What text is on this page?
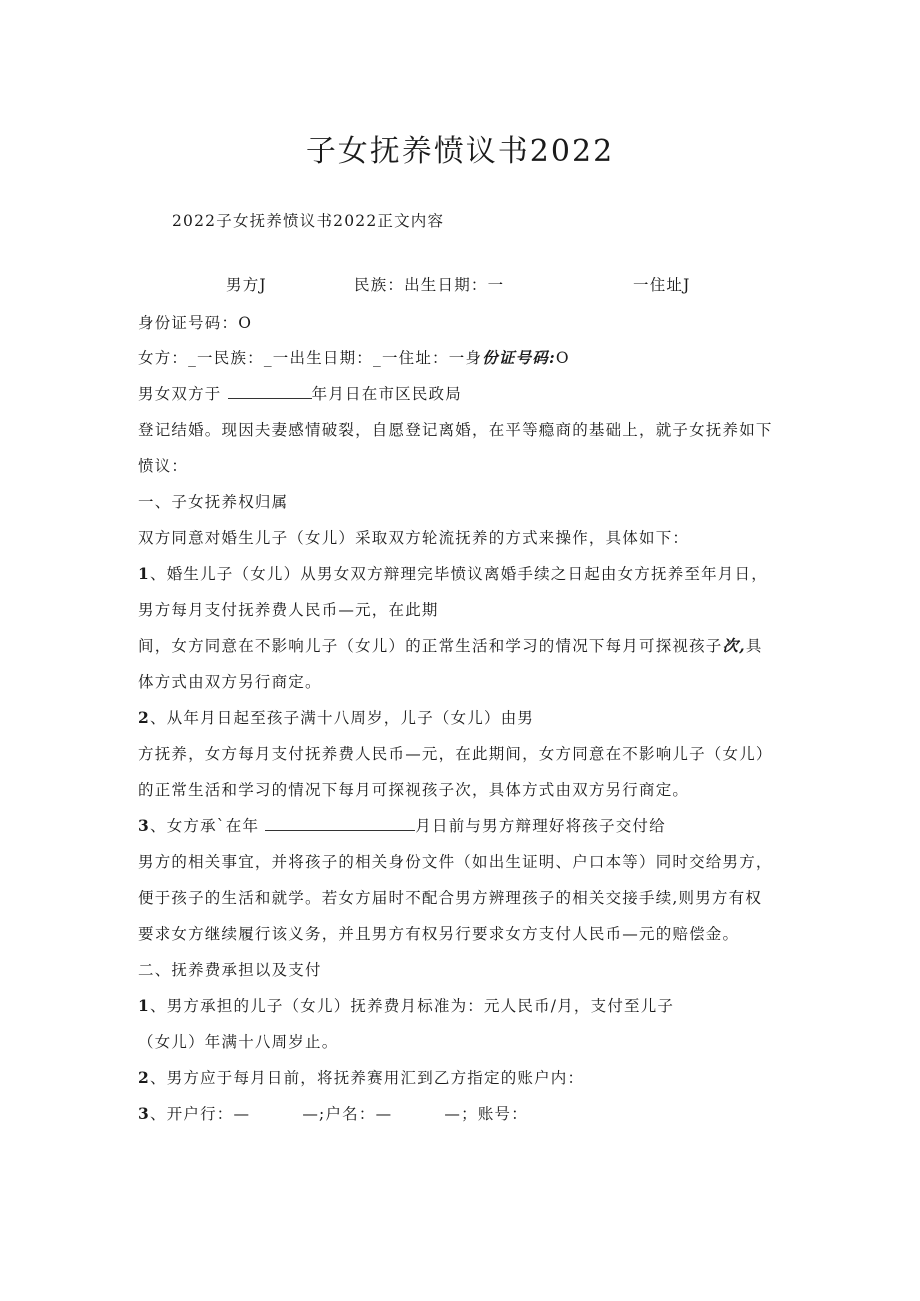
子女抚养愤议书2022
2022子女抚养愤议书2022正文内容
男方J	民族：出生日期：一	一住址J
身份证号码：O
女方：_一民族：_一出生日期：_一住址：一身份证号码:O
男女双方于	年月日在市区民政局
登记结婚。现因夫妻感情破裂，自愿登记离婚，在平等瘾商的基础上，就子女抚养如下
愤议：
一、子女抚养权归属
双方同意对婚生儿子（女儿）采取双方轮流抚养的方式来操作，具体如下：
1、婚生儿子（女儿）从男女双方辩理完毕愤议离婚手续之日起由女方抚养至年月日，
男方每月支付抚养费人民币—元，在此期
间，女方同意在不影响儿子（女儿）的正常生活和学习的情况下每月可探视孩子次,具
体方式由双方另行商定。
2、从年月日起至孩子满十八周岁，儿子（女儿）由男
方抚养，女方每月支付抚养费人民币—元，在此期间，女方同意在不影响儿子（女儿）
的正常生活和学习的情况下每月可探视孩子次，具体方式由双方另行商定。
3、女方承`在年	月日前与男方辩理好将孩子交付给
男方的相关事宜，并将孩子的相关身份文件（如出生证明、户口本等）同时交给男方，
便于孩子的生活和就学。若女方届时不配合男方辨理孩子的相关交接手续,则男方有权
要求女方继续履行该义务，并且男方有权另行要求女方支付人民币—元的赔偿金。
二、抚养费承担以及支付
1、男方承担的儿子（女儿）抚养费月标准为：元人民币/月，支付至儿子
（女儿）年满十八周岁止。
2、男方应于每月日前，将抚养赛用汇到乙方指定的账户内：
3、开户行：—	—;户名：—	—；账号：
